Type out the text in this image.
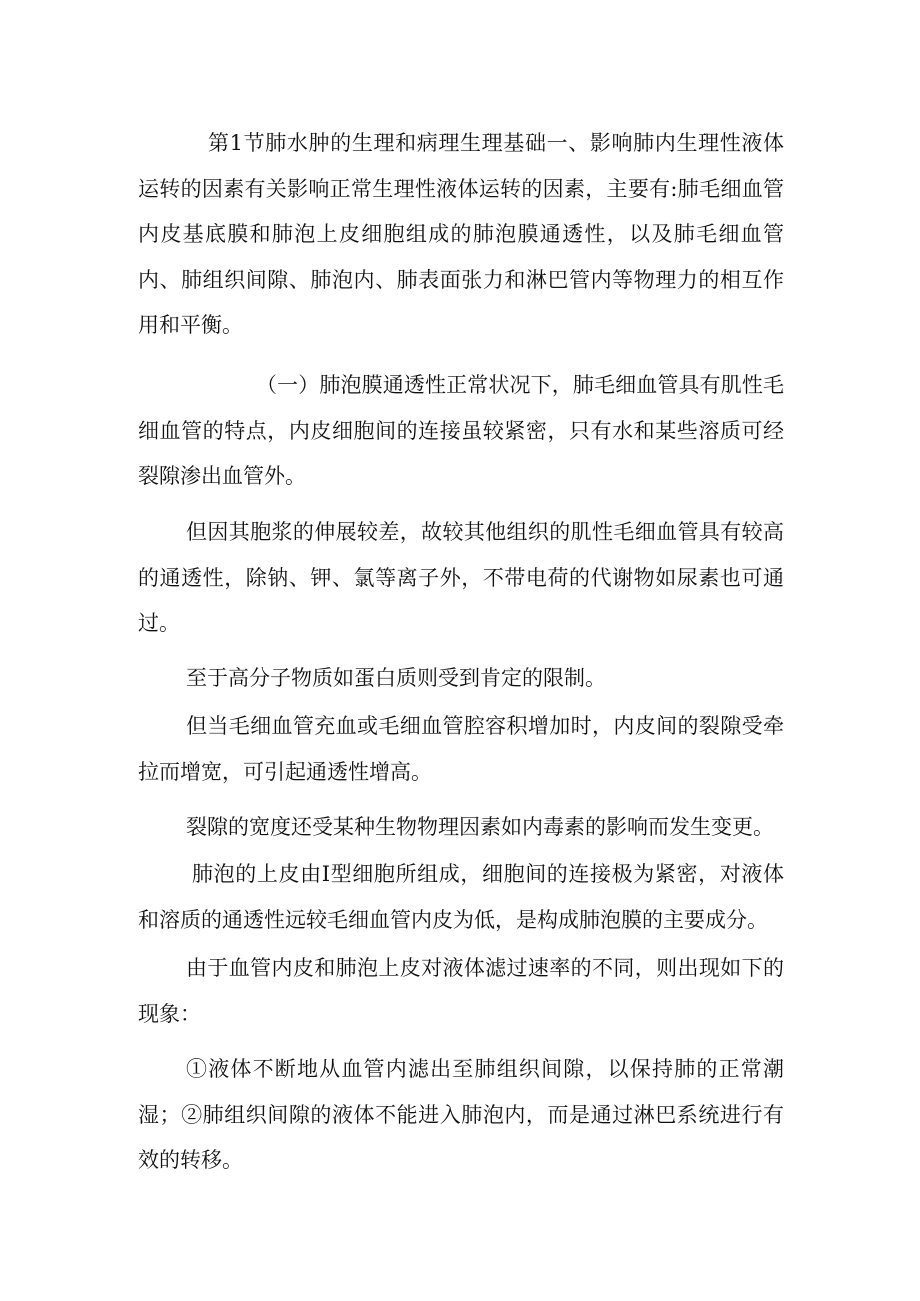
第1节肺水肿的生理和病理生理基础一、影响肺内生理性液体运转的因素有关影响正常生理性液体运转的因素，主要有:肺毛细血管内皮基底膜和肺泡上皮细胞组成的肺泡膜通透性，以及肺毛细血管内、肺组织间隙、肺泡内、肺表面张力和淋巴管内等物理力的相互作用和平衡。

（一）肺泡膜通透性正常状况下，肺毛细血管具有肌性毛细血管的特点，内皮细胞间的连接虽较紧密，只有水和某些溶质可经裂隙渗出血管外。

但因其胞浆的伸展较差，故较其他组织的肌性毛细血管具有较高的通透性，除钠、钾、氯等离子外，不带电荷的代谢物如尿素也可通过。

至于高分子物质如蛋白质则受到肯定的限制。

但当毛细血管充血或毛细血管腔容积增加时，内皮间的裂隙受牵拉而增宽，可引起通透性增高。

裂隙的宽度还受某种生物物理因素如内毒素的影响而发生变更。

肺泡的上皮由I型细胞所组成，细胞间的连接极为紧密，对液体和溶质的通透性远较毛细血管内皮为低，是构成肺泡膜的主要成分。

由于血管内皮和肺泡上皮对液体滤过速率的不同，则出现如下的现象：

①液体不断地从血管内滤出至肺组织间隙，以保持肺的正常潮湿；②肺组织间隙的液体不能进入肺泡内，而是通过淋巴系统进行有效的转移。
